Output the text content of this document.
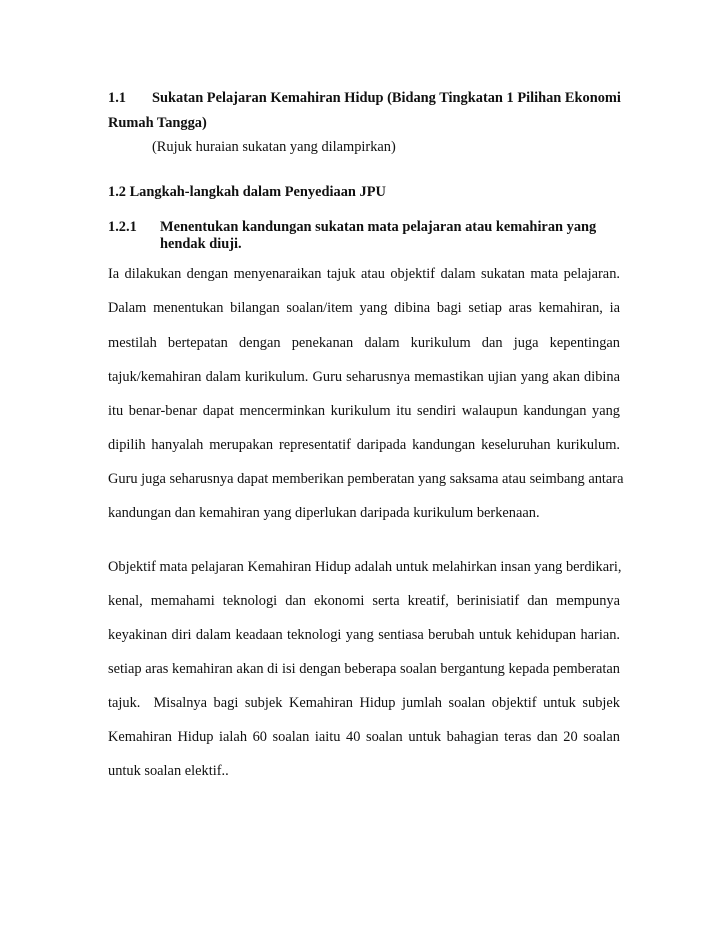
1.1 Sukatan Pelajaran Kemahiran Hidup (Bidang Tingkatan 1 Pilihan Ekonomi
Rumah Tangga)
(Rujuk huraian sukatan yang dilampirkan)
1.2 Langkah-langkah dalam Penyediaan JPU
1.2.1 Menentukan kandungan sukatan mata pelajaran atau kemahiran yang
hendak diuji.
Ia dilakukan dengan menyenaraikan tajuk atau objektif dalam sukatan mata pelajaran.
Dalam menentukan bilangan soalan/item yang dibina bagi setiap aras kemahiran, ia
mestilah bertepatan dengan penekanan dalam kurikulum dan juga kepentingan
tajuk/kemahiran dalam kurikulum. Guru seharusnya memastikan ujian yang akan dibina
itu benar-benar dapat mencerminkan kurikulum itu sendiri walaupun kandungan yang
dipilih hanyalah merupakan representatif daripada kandungan keseluruhan kurikulum.
Guru juga seharusnya dapat memberikan pemberatan yang saksama atau seimbang antara
kandungan dan kemahiran yang diperlukan daripada kurikulum berkenaan.
Objektif mata pelajaran Kemahiran Hidup adalah untuk melahirkan insan yang berdikari,
kenal, memahami teknologi dan ekonomi serta kreatif, berinisiatif dan mempunya
keyakinan diri dalam keadaan teknologi yang sentiasa berubah untuk kehidupan harian.
setiap aras kemahiran akan di isi dengan beberapa soalan bergantung kepada pemberatan
tajuk.  Misalnya bagi subjek Kemahiran Hidup jumlah soalan objektif untuk subjek
Kemahiran Hidup ialah 60 soalan iaitu 40 soalan untuk bahagian teras dan 20 soalan
untuk soalan elektif..
